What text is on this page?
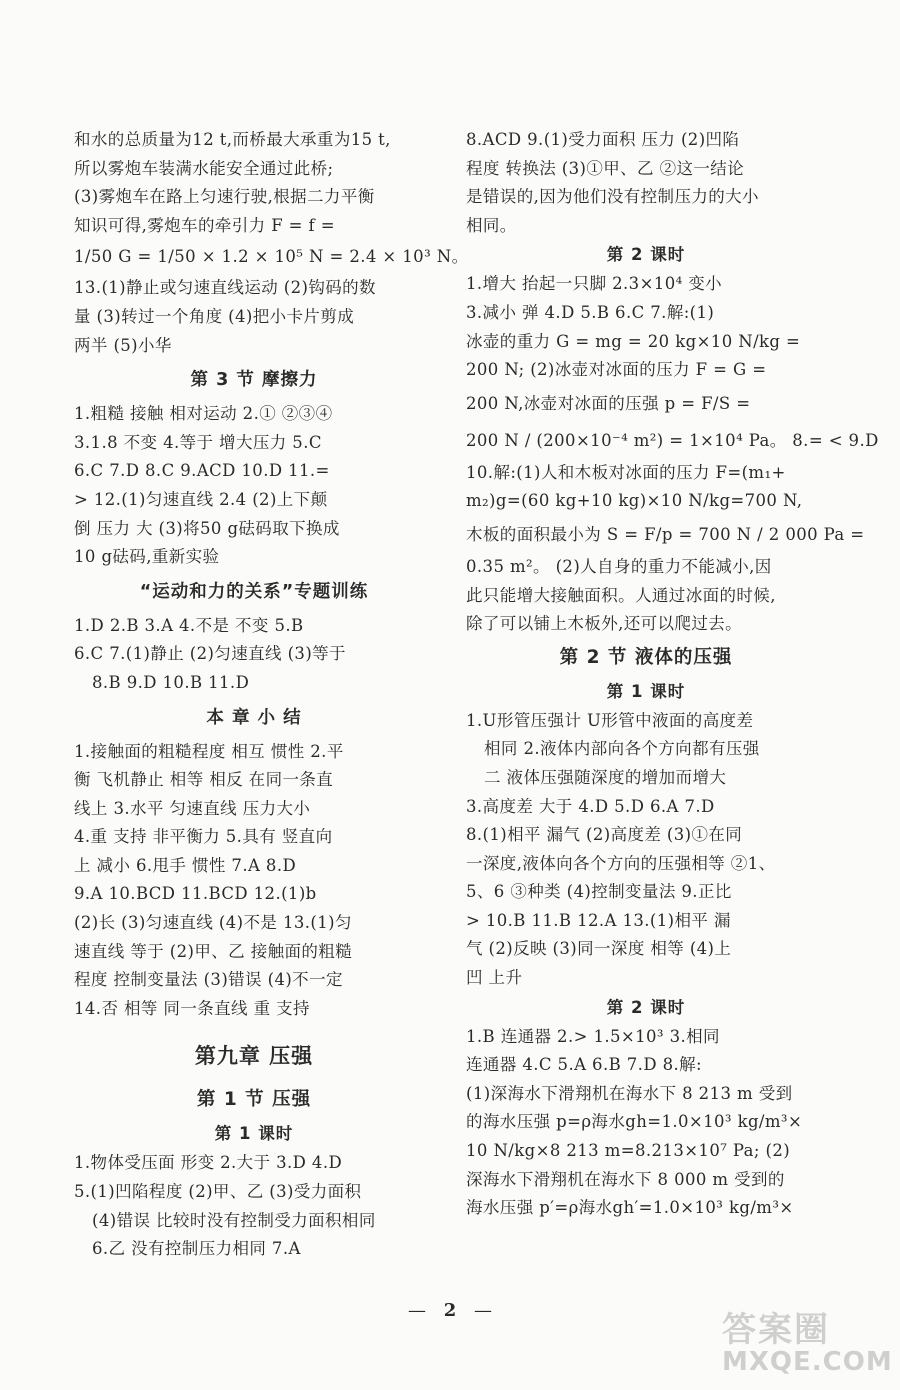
和水的总质量为12 t,而桥最大承重为15 t,
所以雾炮车装满水能安全通过此桥;
(3)雾炮车在路上匀速行驶,根据二力平衡
知识可得,雾炮车的牵引力 F = f =
1/50 G = 1/50 × 1.2 × 10⁵ N = 2.4 × 10³ N。
13.(1)静止或匀速直线运动 (2)钩码的数
量 (3)转过一个角度 (4)把小卡片剪成
两半 (5)小华
第 3 节 摩擦力
1.粗糙 接触 相对运动 2.① ②③④
3.1.8 不变 4.等于 增大压力 5.C
6.C 7.D 8.C 9.ACD 10.D 11.=
> 12.(1)匀速直线 2.4 (2)上下颠
倒 压力 大 (3)将50 g砝码取下换成
10 g砝码,重新实验
“运动和力的关系”专题训练
1.D 2.B 3.A 4.不是 不变 5.B
6.C 7.(1)静止 (2)匀速直线 (3)等于
8.B 9.D 10.B 11.D
本 章 小 结
1.接触面的粗糙程度 相互 惯性 2.平
衡 飞机静止 相等 相反 在同一条直
线上 3.水平 匀速直线 压力大小
4.重 支持 非平衡力 5.具有 竖直向
上 减小 6.甩手 惯性 7.A 8.D
9.A 10.BCD 11.BCD 12.(1)b
(2)长 (3)匀速直线 (4)不是 13.(1)匀
速直线 等于 (2)甲、乙 接触面的粗糙
程度 控制变量法 (3)错误 (4)不一定
14.否 相等 同一条直线 重 支持
第九章 压强
第 1 节 压强
第 1 课时
1.物体受压面 形变 2.大于 3.D 4.D
5.(1)凹陷程度 (2)甲、乙 (3)受力面积
(4)错误 比较时没有控制受力面积相同
6.乙 没有控制压力相同 7.A
8.ACD 9.(1)受力面积 压力 (2)凹陷
程度 转换法 (3)①甲、乙 ②这一结论
是错误的,因为他们没有控制压力的大小
相同。
第 2 课时
1.增大 抬起一只脚 2.3×10⁴ 变小
3.减小 弹 4.D 5.B 6.C 7.解:(1)
冰壶的重力 G = mg = 20 kg×10 N/kg =
200 N; (2)冰壶对冰面的压力 F = G =
200 N,冰壶对冰面的压强 p = F/S =
200 N / (200×10⁻⁴ m²) = 1×10⁴ Pa。 8.= < 9.D
10.解:(1)人和木板对冰面的压力 F=(m₁+
m₂)g=(60 kg+10 kg)×10 N/kg=700 N,
木板的面积最小为 S = F/p = 700 N / 2 000 Pa =
0.35 m²。 (2)人自身的重力不能减小,因
此只能增大接触面积。人通过冰面的时候,
除了可以铺上木板外,还可以爬过去。
第 2 节 液体的压强
第 1 课时
1.U形管压强计 U形管中液面的高度差
相同 2.液体内部向各个方向都有压强
二 液体压强随深度的增加而增大
3.高度差 大于 4.D 5.D 6.A 7.D
8.(1)相平 漏气 (2)高度差 (3)①在同
一深度,液体向各个方向的压强相等 ②1、
5、6 ③种类 (4)控制变量法 9.正比
> 10.B 11.B 12.A 13.(1)相平 漏
气 (2)反映 (3)同一深度 相等 (4)上
凹 上升
第 2 课时
1.B 连通器 2.> 1.5×10³ 3.相同
连通器 4.C 5.A 6.B 7.D 8.解:
(1)深海水下滑翔机在海水下 8 213 m 受到
的海水压强 p=ρ海水gh=1.0×10³ kg/m³×
10 N/kg×8 213 m=8.213×10⁷ Pa; (2)
深海水下滑翔机在海水下 8 000 m 受到的
海水压强 p′=ρ海水gh′=1.0×10³ kg/m³×
— 2 —	答案圈
MXQE.COM
